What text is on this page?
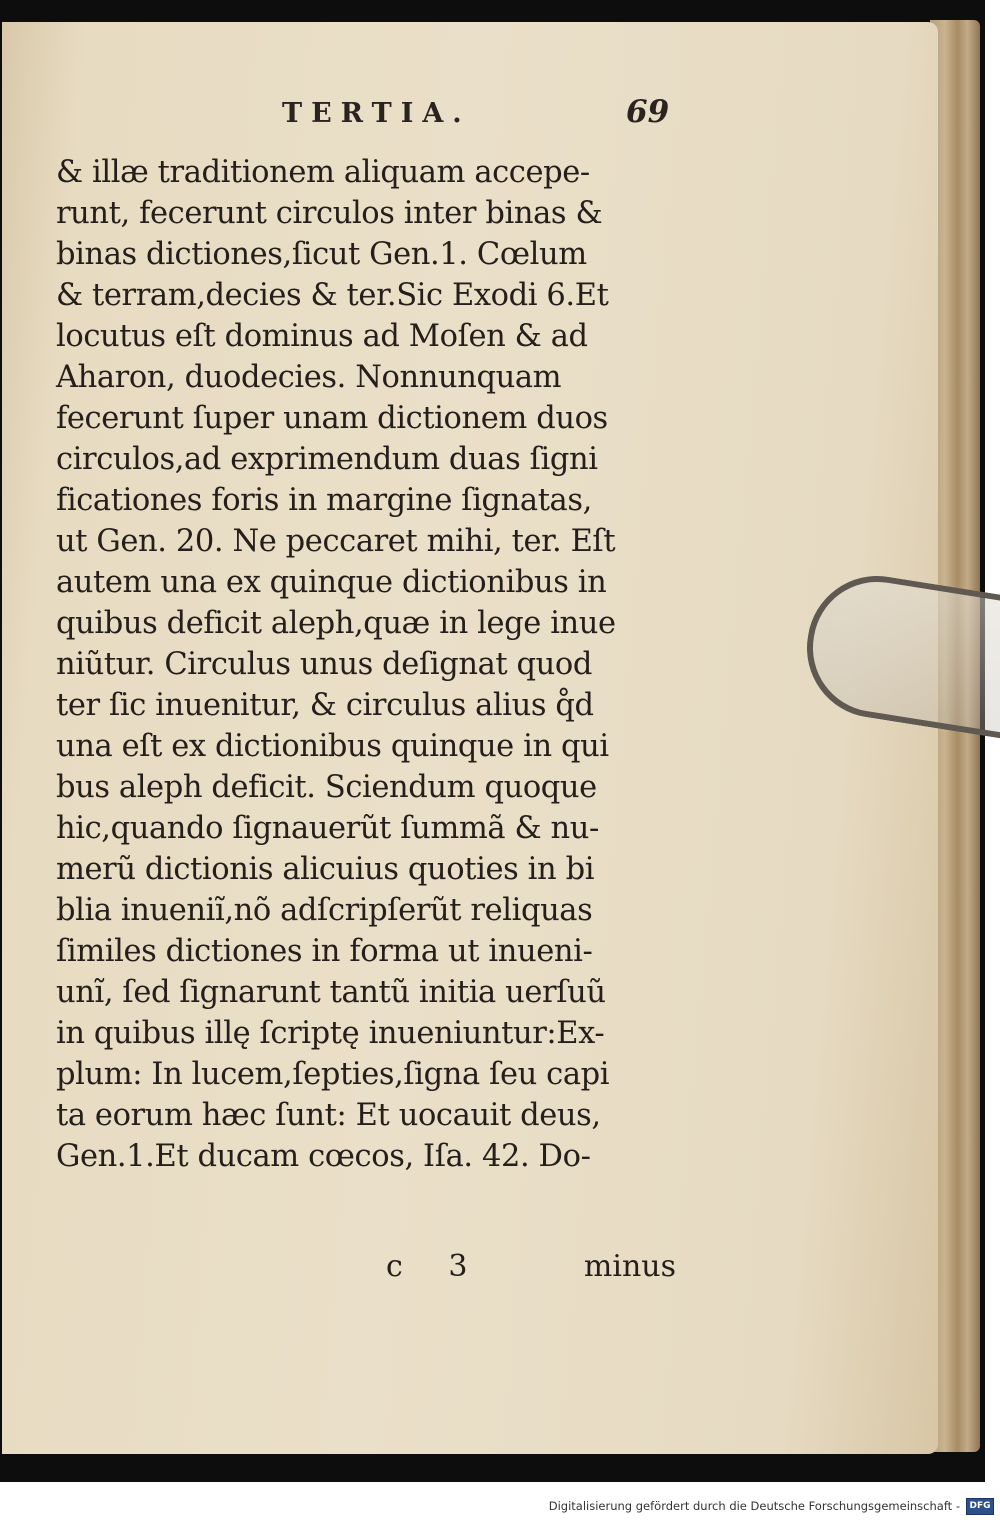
TERTIA.	69
& illæ traditionem aliquam accepe-
runt, fecerunt circulos inter binas &
binas dictiones,ſicut Gen.1. Cœlum
& terram,decies & ter.Sic Exodi 6.Et
locutus eſt dominus ad Moſen & ad
Aharon, duodecies. Nonnunquam
fecerunt ſuper unam dictionem duos
circulos,ad exprimendum duas ſigni
ficationes foris in margine ſignatas,
ut Gen. 20. Ne peccaret mihi, ter. Eſt
autem una ex quinque dictionibus in
quibus deficit aleph,quæ in lege inue
niũtur. Circulus unus deſignat quod
ter ſic inuenitur, & circulus alius q̊d
una eſt ex dictionibus quinque in qui
bus aleph deficit. Sciendum quoque
hic,quando ſignauerũt ſummã & nu-
merũ dictionis alicuius quoties in bi
blia inueniĩ,nõ adſcripſerũt reliquas
ſimiles dictiones in forma ut inueni-
unĩ, ſed ſignarunt tantũ initia uerſuũ
in quibus illę ſcriptę inueniuntur:Ex-
plum: In lucem,ſepties,ſigna ſeu capi
ta eorum hæc ſunt: Et uocauit deus,
Gen.1.Et ducam cœcos, Iſa. 42. Do-
c 3	minus
Digitalisierung gefördert durch die Deutsche Forschungsgemeinschaft - DFG
